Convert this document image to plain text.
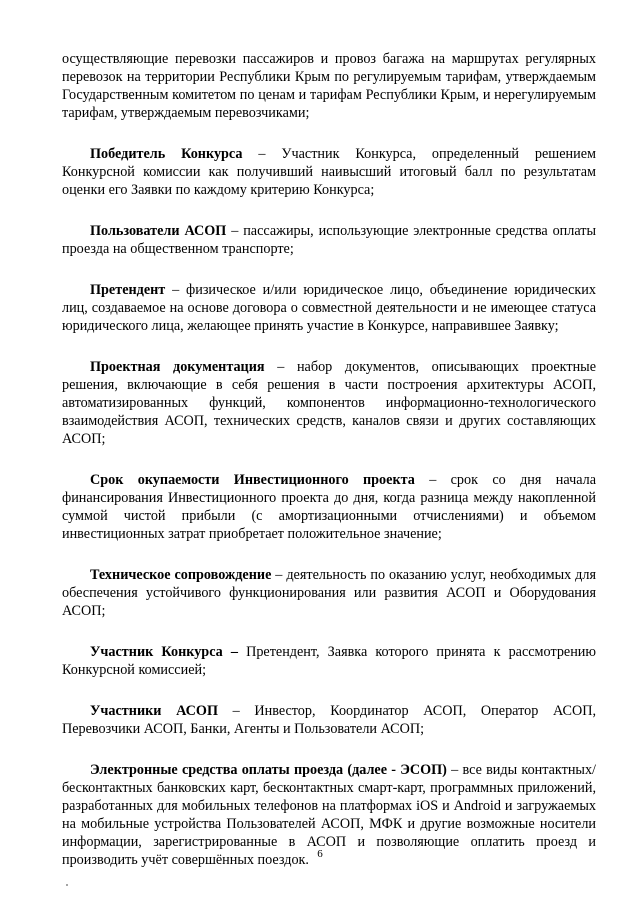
осуществляющие перевозки пассажиров и провоз багажа на маршрутах регулярных перевозок на территории Республики Крым по регулируемым тарифам, утверждаемым Государственным комитетом по ценам и тарифам Республики Крым, и нерегулируемым тарифам, утверждаемым перевозчиками;

Победитель Конкурса – Участник Конкурса, определенный решением Конкурсной комиссии как получивший наивысший итоговый балл по результатам оценки его Заявки по каждому критерию Конкурса;

Пользователи АСОП – пассажиры, использующие электронные средства оплаты проезда на общественном транспорте;

Претендент – физическое и/или юридическое лицо, объединение юридических лиц, создаваемое на основе договора о совместной деятельности и не имеющее статуса юридического лица, желающее принять участие в Конкурсе, направившее Заявку;

Проектная документация – набор документов, описывающих проектные решения, включающие в себя решения в части построения архитектуры АСОП, автоматизированных функций, компонентов информационно-технологического взаимодействия АСОП, технических средств, каналов связи и других составляющих АСОП;

Срок окупаемости Инвестиционного проекта – срок со дня начала финансирования Инвестиционного проекта до дня, когда разница между накопленной суммой чистой прибыли (с амортизационными отчислениями) и объемом инвестиционных затрат приобретает положительное значение;

Техническое сопровождение – деятельность по оказанию услуг, необходимых для обеспечения устойчивого функционирования или развития АСОП и Оборудования АСОП;

Участник Конкурса – Претендент, Заявка которого принята к рассмотрению Конкурсной комиссией;

Участники АСОП – Инвестор, Координатор АСОП, Оператор АСОП, Перевозчики АСОП, Банки, Агенты и Пользователи АСОП;

Электронные средства оплаты проезда (далее - ЭСОП) – все виды контактных/бесконтактных банковских карт, бесконтактных смарт-карт, программных приложений, разработанных для мобильных телефонов на платформах iOS и Android и загружаемых на мобильные устройства Пользователей АСОП, МФК и другие возможные носители информации, зарегистрированные в АСОП и позволяющие оплатить проезд и производить учёт совершённых поездок. 6
